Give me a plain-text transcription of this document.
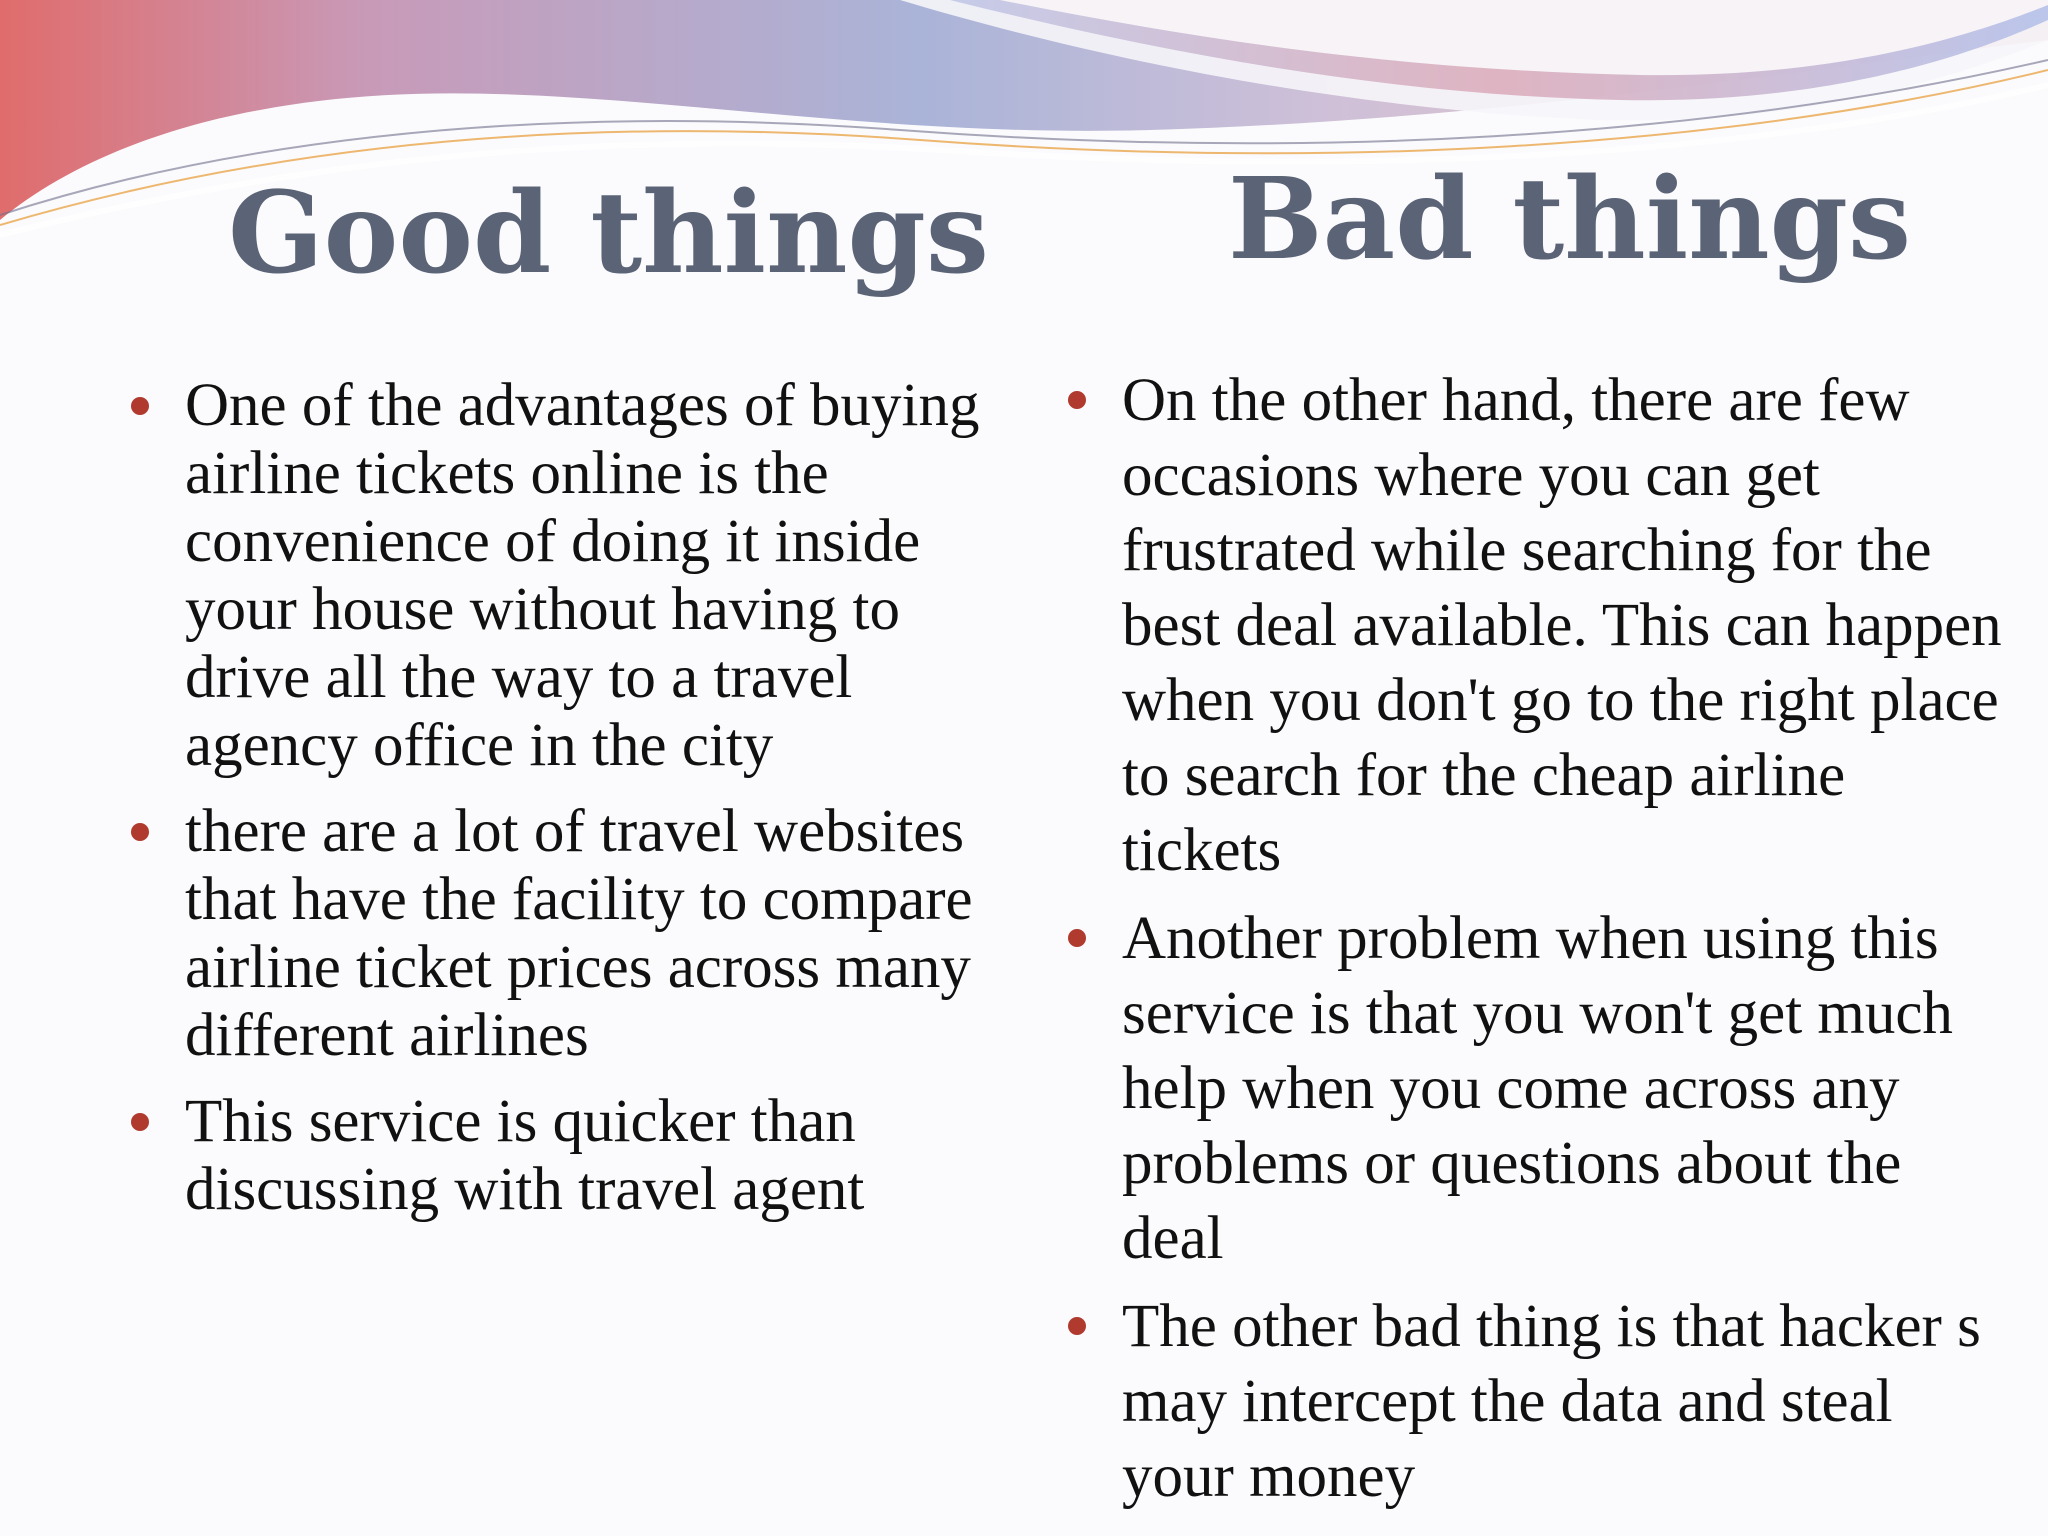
Good things Bad things
One of the advantages of buying airline tickets online is the convenience of doing it inside your house without having to drive all the way to a travel agency office in the city
there are a lot of travel websites that have the facility to compare airline ticket prices across many different airlines
This service is quicker than discussing with travel agent
On the other hand, there are few occasions where you can get frustrated while searching for the best deal available. This can happen when you don't go to the right place to search for the cheap airline tickets
Another problem when using this service is that you won't get much help when you come across any problems or questions about the deal
The other bad thing is that hacker s may intercept the data and steal your money
